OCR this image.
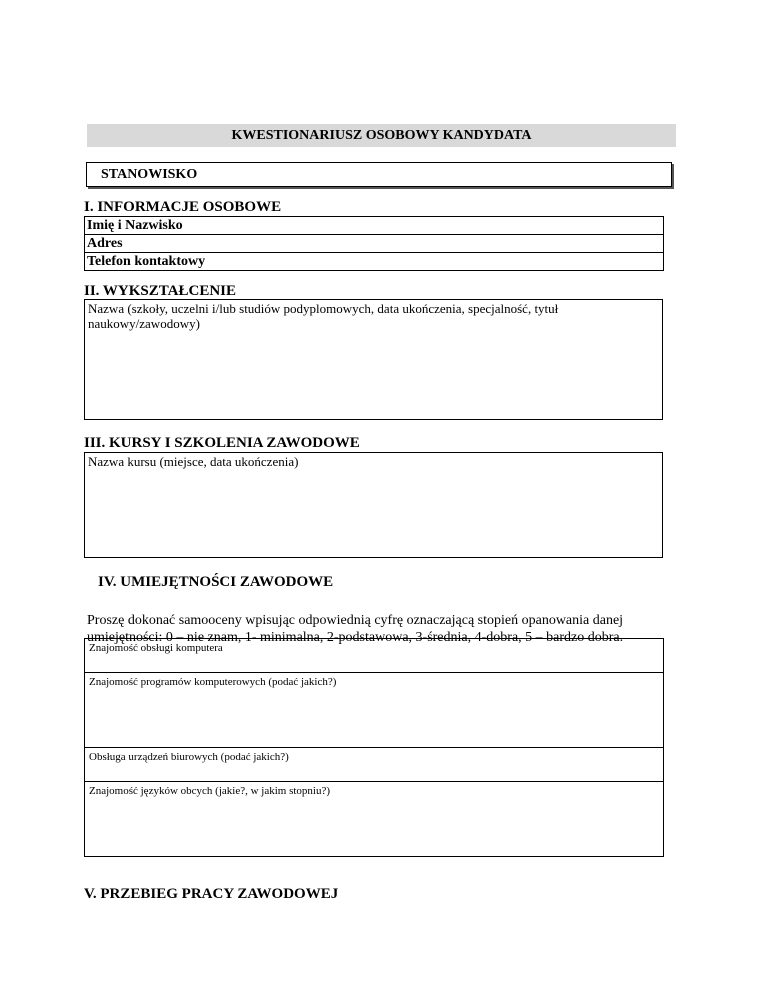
KWESTIONARIUSZ OSOBOWY KANDYDATA
STANOWISKO
I. INFORMACJE OSOBOWE
Imię i Nazwisko
Adres
Telefon kontaktowy
II. WYKSZTAŁCENIE
Nazwa (szkoły, uczelni i/lub studiów podyplomowych, data ukończenia, specjalność, tytuł naukowy/zawodowy)
III. KURSY I SZKOLENIA ZAWODOWE
Nazwa kursu (miejsce, data ukończenia)
IV. UMIEJĘTNOŚCI ZAWODOWE
Proszę dokonać samooceny wpisując odpowiednią cyfrę oznaczającą stopień opanowania danej umiejętności: 0 – nie znam, 1- minimalna, 2-podstawowa, 3-średnia, 4-dobra, 5 – bardzo dobra.
Znajomość obsługi komputera
Znajomość programów komputerowych (podać jakich?)
Obsługa urządzeń biurowych (podać jakich?)
Znajomość języków obcych (jakie?, w jakim stopniu?)
V. PRZEBIEG PRACY ZAWODOWEJ
